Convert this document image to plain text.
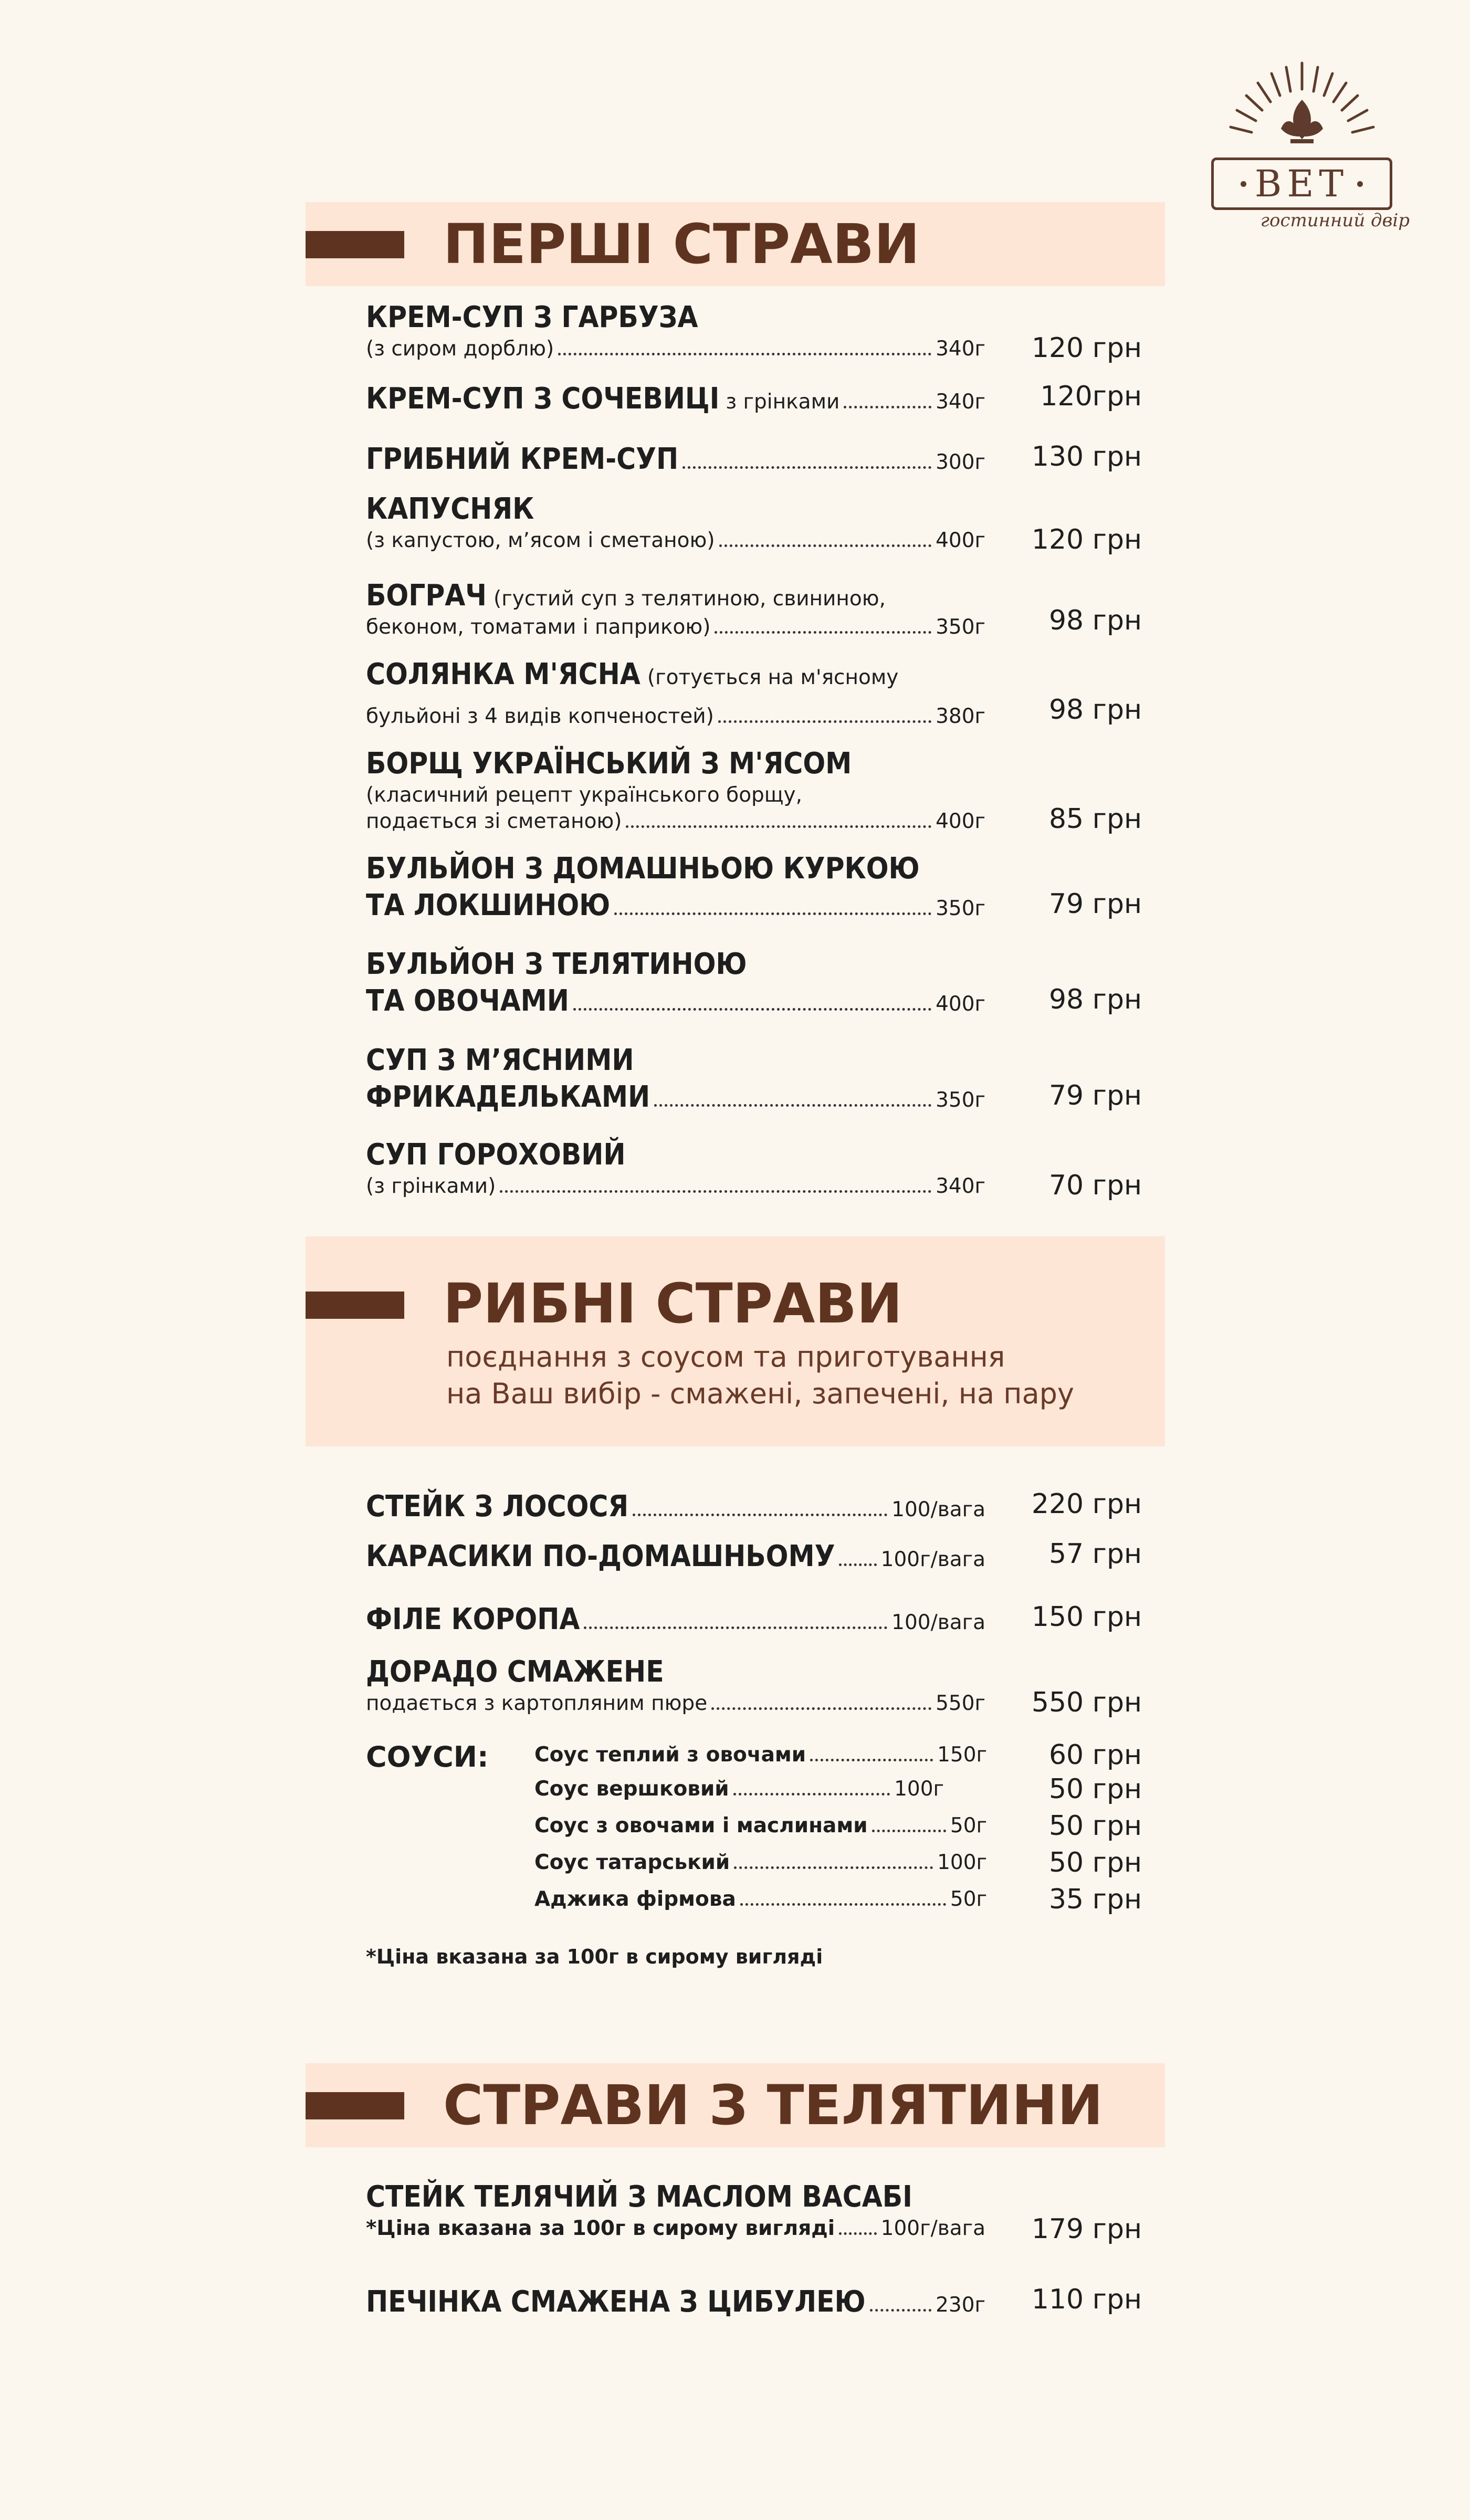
ВЕТ
гостинний двір
ПЕРШІ СТРАВИ
КРЕМ-СУП З ГАРБУЗА
(з сиром дорблю)	340г 120 грн
КРЕМ-СУП З СОЧЕВИЦІ з грінками	340г	120грн
ГРИБНИЙ КРЕМ-СУП	300г 130 грн
КАПУСНЯК
(з капустою, м’ясом і сметаною)	400г 120 грн
БОГРАЧ (густий суп з телятиною, свининою,
беконом, томатами і паприкою)	350г	98 грн
СОЛЯНКА М'ЯСНА (готується на м'ясному
бульйоні з 4 видів копченостей)	380г	98 грн
БОРЩ УКРАЇНСЬКИЙ З М'ЯСОМ
(класичний рецепт українського борщу,
подається зі сметаною)	400г	85 грн
БУЛЬЙОН З ДОМАШНЬОЮ КУРКОЮ
ТА ЛОКШИНОЮ	350г	79 грн
БУЛЬЙОН З ТЕЛЯТИНОЮ
ТА ОВОЧАМИ	400г	98 грн
СУП З М’ЯСНИМИ
ФРИКАДЕЛЬКАМИ	350г	79 грн
СУП ГОРОХОВИЙ
(з грінками)	340г	70 грн
РИБНІ СТРАВИ
поєднання з соусом та приготування
на Ваш вибір - смажені, запечені, на пару
СТЕЙК З ЛОСОСЯ	100/вага 220 грн
КАРАСИКИ ПО-ДОМАШНЬОМУ 100г/вага	57 грн
ФІЛЕ КОРОПА	100/вага 150 грн
ДОРАДО СМАЖЕНЕ
подається з картопляним пюре	550г 550 грн
СОУСИ: Соус теплий з овочами	150г	60 грн
Соус вершковий	100г	50 грн
Соус з овочами і маслинами	50г	50 грн
Соус татарський	100г	50 грн
Аджика фірмова	50г	35 грн
*Ціна вказана за 100г в сирому вигляді
СТРАВИ З ТЕЛЯТИНИ
СТЕЙК ТЕЛЯЧИЙ З МАСЛОМ ВАСАБІ
*Ціна вказана за 100г в сирому вигляді 100г/вага 179 грн
ПЕЧІНКА СМАЖЕНА З ЦИБУЛЕЮ	230г 110 грн
